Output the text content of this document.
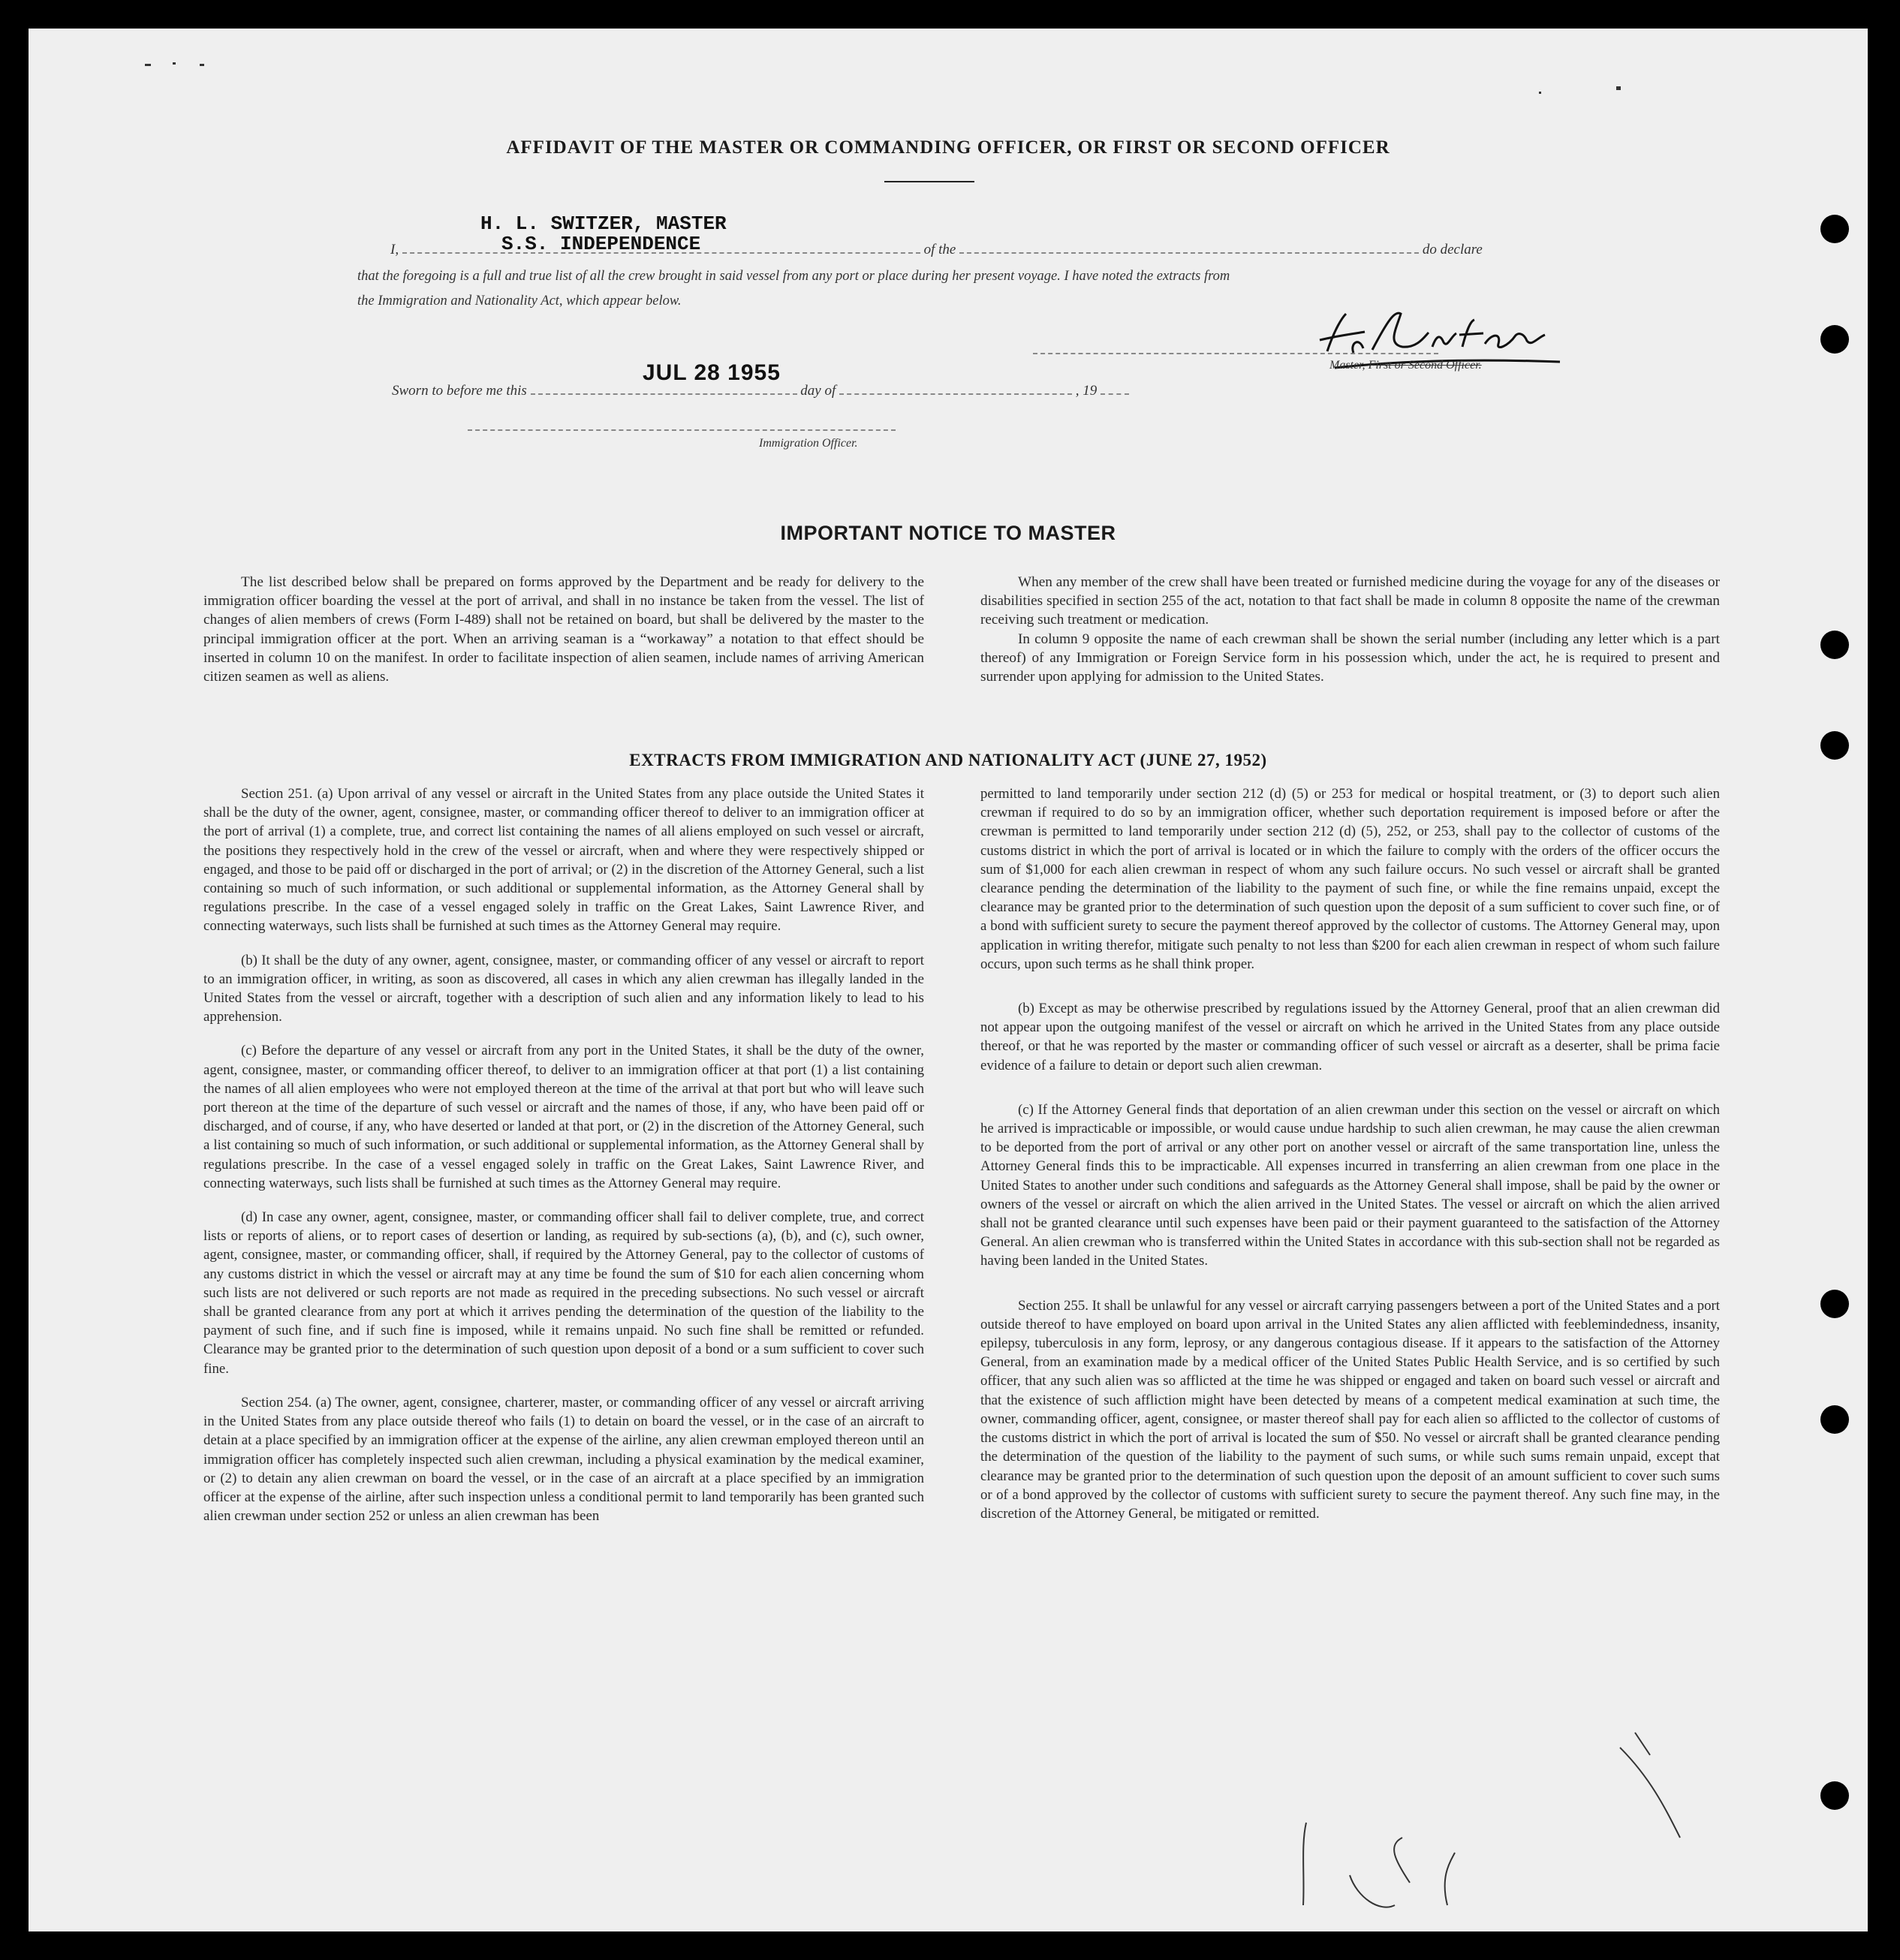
AFFIDAVIT OF THE MASTER OR COMMANDING OFFICER, OR FIRST OR SECOND OFFICER
H. L. SWITZER, MASTER
S.S. INDEPENDENCE
I,	of the	do declare
that the foregoing is a full and true list of all the crew brought in said vessel from any port or place during her present voyage. I have noted the extracts from
the Immigration and Nationality Act, which appear below.
Master, First or Second Officer.
Sworn to before me this	day of	, 19
JUL 28 1955
Immigration Officer.
IMPORTANT NOTICE TO MASTER

The list described below shall be prepared on forms approved by the Department and be ready for delivery to the immigration officer boarding the vessel at the port of arrival, and shall in no instance be taken from the vessel. The list of changes of alien members of crews (Form I-489) shall not be retained on board, but shall be delivered by the master to the principal immigration officer at the port. When an arriving seaman is a “workaway” a notation to that effect should be inserted in column 10 on the manifest. In order to facilitate inspection of alien seamen, include names of arriving American citizen seamen as well as aliens.

When any member of the crew shall have been treated or furnished medicine during the voyage for any of the diseases or disabilities specified in section 255 of the act, notation to that fact shall be made in column 8 opposite the name of the crewman receiving such treatment or medication.

In column 9 opposite the name of each crewman shall be shown the serial number (including any letter which is a part thereof) of any Immigration or Foreign Service form in his possession which, under the act, he is required to present and surrender upon applying for admission to the United States.

EXTRACTS FROM IMMIGRATION AND NATIONALITY ACT (JUNE 27, 1952)

Section 251. (a) Upon arrival of any vessel or aircraft in the United States from any place outside the United States it shall be the duty of the owner, agent, consignee, master, or commanding officer thereof to deliver to an immigration officer at the port of arrival (1) a complete, true, and correct list containing the names of all aliens employed on such vessel or aircraft, the positions they respectively hold in the crew of the vessel or aircraft, when and where they were respectively shipped or engaged, and those to be paid off or discharged in the port of arrival; or (2) in the discretion of the Attorney General, such a list containing so much of such information, or such additional or supplemental information, as the Attorney General shall by regulations prescribe. In the case of a vessel engaged solely in traffic on the Great Lakes, Saint Lawrence River, and connecting waterways, such lists shall be furnished at such times as the Attorney General may require.

(b) It shall be the duty of any owner, agent, consignee, master, or commanding officer of any vessel or aircraft to report to an immigration officer, in writing, as soon as discovered, all cases in which any alien crewman has illegally landed in the United States from the vessel or aircraft, together with a description of such alien and any information likely to lead to his apprehension.

(c) Before the departure of any vessel or aircraft from any port in the United States, it shall be the duty of the owner, agent, consignee, master, or commanding officer thereof, to deliver to an immigration officer at that port (1) a list containing the names of all alien employees who were not employed thereon at the time of the arrival at that port but who will leave such port thereon at the time of the departure of such vessel or aircraft and the names of those, if any, who have been paid off or discharged, and of course, if any, who have deserted or landed at that port, or (2) in the discretion of the Attorney General, such a list containing so much of such information, or such additional or supplemental information, as the Attorney General shall by regulations prescribe. In the case of a vessel engaged solely in traffic on the Great Lakes, Saint Lawrence River, and connecting waterways, such lists shall be furnished at such times as the Attorney General may require.

(d) In case any owner, agent, consignee, master, or commanding officer shall fail to deliver complete, true, and correct lists or reports of aliens, or to report cases of desertion or landing, as required by sub-sections (a), (b), and (c), such owner, agent, consignee, master, or commanding officer, shall, if required by the Attorney General, pay to the collector of customs of any customs district in which the vessel or aircraft may at any time be found the sum of $10 for each alien concerning whom such lists are not delivered or such reports are not made as required in the preceding subsections. No such vessel or aircraft shall be granted clearance from any port at which it arrives pending the determination of the question of the liability to the payment of such fine, and if such fine is imposed, while it remains unpaid. No such fine shall be remitted or refunded. Clearance may be granted prior to the determination of such question upon deposit of a bond or a sum sufficient to cover such fine.

Section 254. (a) The owner, agent, consignee, charterer, master, or commanding officer of any vessel or aircraft arriving in the United States from any place outside thereof who fails (1) to detain on board the vessel, or in the case of an aircraft to detain at a place specified by an immigration officer at the expense of the airline, any alien crewman employed thereon until an immigration officer has completely inspected such alien crewman, including a physical examination by the medical examiner, or (2) to detain any alien crewman on board the vessel, or in the case of an aircraft at a place specified by an immigration officer at the expense of the airline, after such inspection unless a conditional permit to land temporarily has been granted such alien crewman under section 252 or unless an alien crewman has been

permitted to land temporarily under section 212 (d) (5) or 253 for medical or hospital treatment, or (3) to deport such alien crewman if required to do so by an immigration officer, whether such deportation requirement is imposed before or after the crewman is permitted to land temporarily under section 212 (d) (5), 252, or 253, shall pay to the collector of customs of the customs district in which the port of arrival is located or in which the failure to comply with the orders of the officer occurs the sum of $1,000 for each alien crewman in respect of whom any such failure occurs. No such vessel or aircraft shall be granted clearance pending the determination of the liability to the payment of such fine, or while the fine remains unpaid, except the clearance may be granted prior to the determination of such question upon the deposit of a sum sufficient to cover such fine, or of a bond with sufficient surety to secure the payment thereof approved by the collector of customs. The Attorney General may, upon application in writing therefor, mitigate such penalty to not less than $200 for each alien crewman in respect of whom such failure occurs, upon such terms as he shall think proper.

(b) Except as may be otherwise prescribed by regulations issued by the Attorney General, proof that an alien crewman did not appear upon the outgoing manifest of the vessel or aircraft on which he arrived in the United States from any place outside thereof, or that he was reported by the master or commanding officer of such vessel or aircraft as a deserter, shall be prima facie evidence of a failure to detain or deport such alien crewman.

(c) If the Attorney General finds that deportation of an alien crewman under this section on the vessel or aircraft on which he arrived is impracticable or impossible, or would cause undue hardship to such alien crewman, he may cause the alien crewman to be deported from the port of arrival or any other port on another vessel or aircraft of the same transportation line, unless the Attorney General finds this to be impracticable. All expenses incurred in transferring an alien crewman from one place in the United States to another under such conditions and safeguards as the Attorney General shall impose, shall be paid by the owner or owners of the vessel or aircraft on which the alien arrived in the United States. The vessel or aircraft on which the alien arrived shall not be granted clearance until such expenses have been paid or their payment guaranteed to the satisfaction of the Attorney General. An alien crewman who is transferred within the United States in accordance with this sub-section shall not be regarded as having been landed in the United States.

Section 255. It shall be unlawful for any vessel or aircraft carrying passengers between a port of the United States and a port outside thereof to have employed on board upon arrival in the United States any alien afflicted with feeblemindedness, insanity, epilepsy, tuberculosis in any form, leprosy, or any dangerous contagious disease. If it appears to the satisfaction of the Attorney General, from an examination made by a medical officer of the United States Public Health Service, and is so certified by such officer, that any such alien was so afflicted at the time he was shipped or engaged and taken on board such vessel or aircraft and that the existence of such affliction might have been detected by means of a competent medical examination at such time, the owner, commanding officer, agent, consignee, or master thereof shall pay for each alien so afflicted to the collector of customs of the customs district in which the port of arrival is located the sum of $50. No vessel or aircraft shall be granted clearance pending the determination of the question of the liability to the payment of such sums, or while such sums remain unpaid, except that clearance may be granted prior to the determination of such question upon the deposit of an amount sufficient to cover such sums or of a bond approved by the collector of customs with sufficient surety to secure the payment thereof. Any such fine may, in the discretion of the Attorney General, be mitigated or remitted.
